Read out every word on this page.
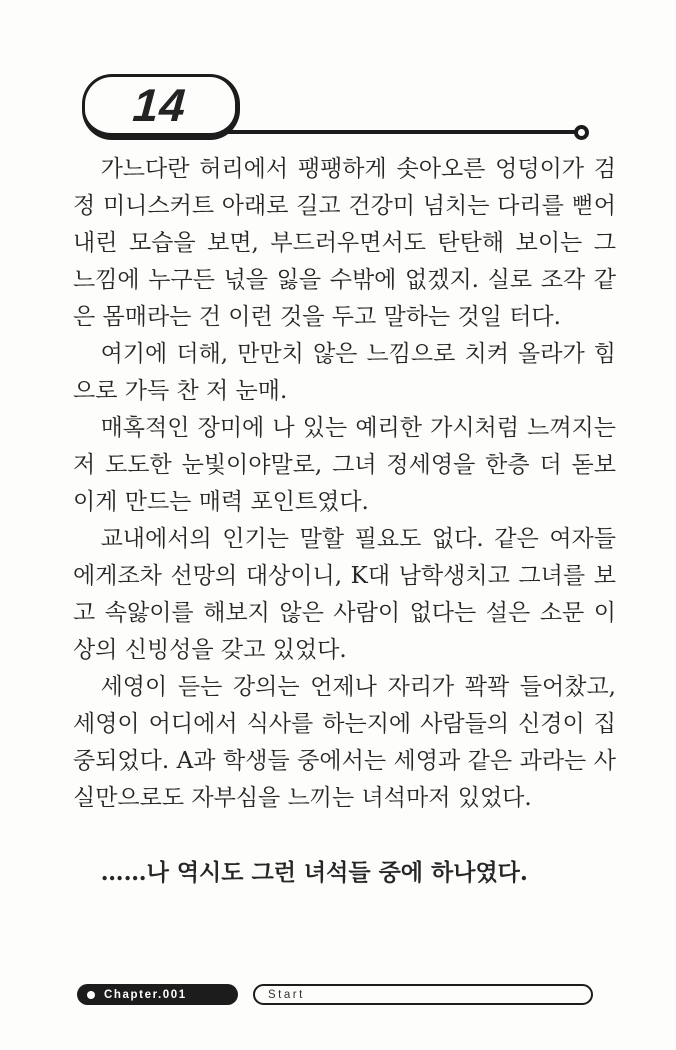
14

가느다란 허리에서 팽팽하게 솟아오른 엉덩이가 검정 미니스커트 아래로 길고 건강미 넘치는 다리를 뻗어 내린 모습을 보면, 부드러우면서도 탄탄해 보이는 그 느낌에 누구든 넋을 잃을 수밖에 없겠지. 실로 조각 같은 몸매라는 건 이런 것을 두고 말하는 것일 터다.

여기에 더해, 만만치 않은 느낌으로 치켜 올라가 힘으로 가득 찬 저 눈매.

매혹적인 장미에 나 있는 예리한 가시처럼 느껴지는 저 도도한 눈빛이야말로, 그녀 정세영을 한층 더 돋보이게 만드는 매력 포인트였다.

교내에서의 인기는 말할 필요도 없다. 같은 여자들에게조차 선망의 대상이니, K대 남학생치고 그녀를 보고 속앓이를 해보지 않은 사람이 없다는 설은 소문 이상의 신빙성을 갖고 있었다.

세영이 듣는 강의는 언제나 자리가 꽉꽉 들어찼고, 세영이 어디에서 식사를 하는지에 사람들의 신경이 집중되었다. A과 학생들 중에서는 세영과 같은 과라는 사실만으로도 자부심을 느끼는 녀석마저 있었다.

……나 역시도 그런 녀석들 중에 하나였다.

Chapter.001	Start
